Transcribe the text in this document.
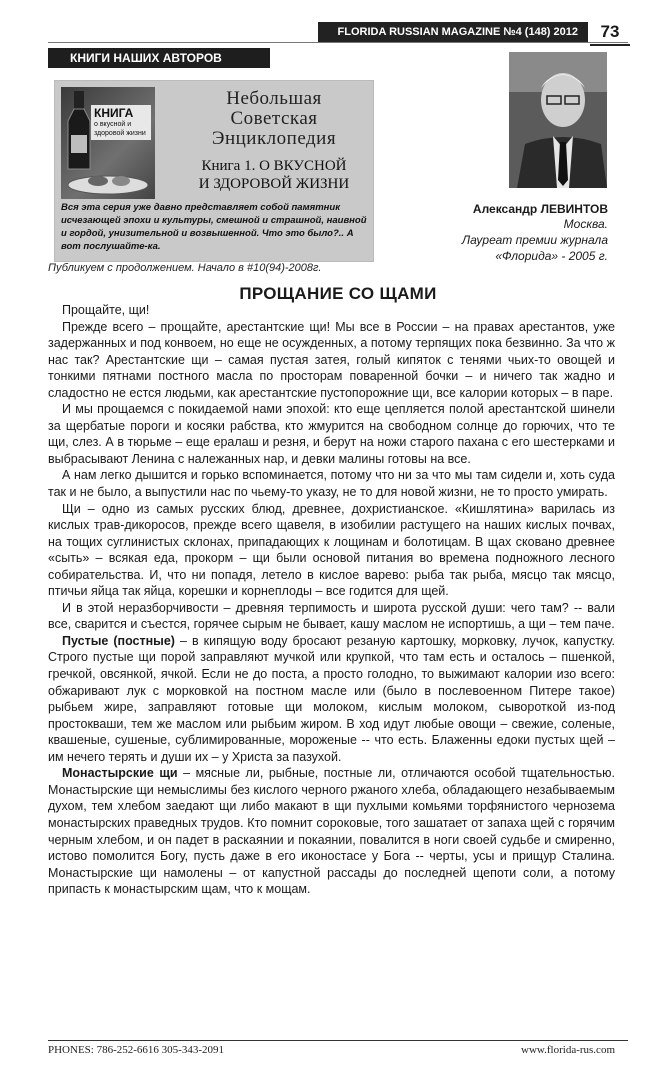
FLORIDA RUSSIAN MAGAZINE №4 (148) 2012	73
КНИГИ НАШИХ АВТОРОВ
КНИГА
о вкусной и здоровой жизни
Небольшая
Советская
Энциклопедия
Книга 1. О ВКУСНОЙ
И ЗДОРОВОЙ ЖИЗНИ
Вся эта серия уже давно представляет собой памятник исчезающей эпохи и культуры, смешной и страшной, наивной и гордой, унизительной и возвышенной. Что это было?.. А вот послушайте-ка.
Публикуем с продолжением. Начало в #10(94)-2008г.
Александр ЛЕВИНТОВ
Москва.
Лауреат премии журнала
«Флорида» - 2005 г.
ПРОЩАНИЕ СО ЩАМИ

Прощайте, щи!

Прежде всего – прощайте, арестантские щи! Мы все в России – на правах арестантов, уже задержанных и под конвоем, но еще не осужденных, а потому терпящих пока безвинно. За что ж нас так? Арестантские щи – самая пустая затея, голый кипяток с тенями чьих-то овощей и тонкими пятнами постного масла по просторам поваренной бочки – и ничего так жадно и сладостно не естся людьми, как арестантские пустопорожние щи, все калории которых – в паре.

И мы прощаемся с покидаемой нами эпохой: кто еще цепляется полой арестантской шинели за щербатые пороги и косяки рабства, кто жмурится на свободном солнце до горючих, что те щи, слез. А в тюрьме – еще ералаш и резня, и берут на ножи старого пахана с его шестерками и выбрасывают Ленина с належанных нар, и девки малины готовы на все.

А нам легко дышится и горько вспоминается, потому что ни за что мы там сидели и, хоть суда так и не было, а выпустили нас по чьему-то указу, не то для новой жизни, не то просто умирать.

Щи – одно из самых русских блюд, древнее, дохристианское. «Кишлятина» варилась из кислых трав-дикоросов, прежде всего щавеля, в изобилии растущего на наших кислых почвах, на тощих суглинистых склонах, припадающих к лощинам и болотицам. В щах сковано древнее «сыть» – всякая еда, прокорм – щи были основой питания во времена подножного лесного собирательства. И, что ни попадя, летело в кислое варево: рыба так рыба, мясцо так мясцо, птичьи яйца так яйца, корешки и корнеплоды – все годится для щей.

И в этой неразборчивости – древняя терпимость и широта русской души: чего там? -- вали все, сварится и съестся, горячее сырым не бывает, кашу маслом не испортишь, а щи – тем паче.

Пустые (постные) – в кипящую воду бросают резаную картошку, морковку, лучок, капустку. Строго пустые щи порой заправляют мучкой или крупкой, что там есть и осталось – пшенкой, гречкой, овсянкой, ячкой. Если не до поста, а просто голодно, то выжимают калории изо всего: обжаривают лук с морковкой на постном масле или (было в послевоенном Питере такое) рыбьем жире, заправляют готовые щи молоком, кислым молоком, сывороткой из-под простокваши, тем же маслом или рыбьим жиром. В ход идут любые овощи – свежие, соленые, квашеные, сушеные, сублимированные, мороженые -- что есть. Блаженны едоки пустых щей – им нечего терять и души их – у Христа за пазухой.

Монастырские щи – мясные ли, рыбные, постные ли, отличаются особой тщательностью. Монастырские щи немыслимы без кислого черного ржаного хлеба, обладающего незабываемым духом, тем хлебом заедают щи либо макают в щи пухлыми комьями торфянистого чернозема монастырских праведных трудов. Кто помнит сороковые, того зашатает от запаха щей с горячим черным хлебом, и он падет в раскаянии и покаянии, повалится в ноги своей судьбе и смиренно, истово помолится Богу, пусть даже в его иконостасе у Бога -- черты, усы и прищур Сталина. Монастырские щи намолены – от капустной рассады до последней щепоти соли, а потому припасть к монастырским щам, что к мощам.

PHONES: 786-252-6616 305-343-2091	www.florida-rus.com
